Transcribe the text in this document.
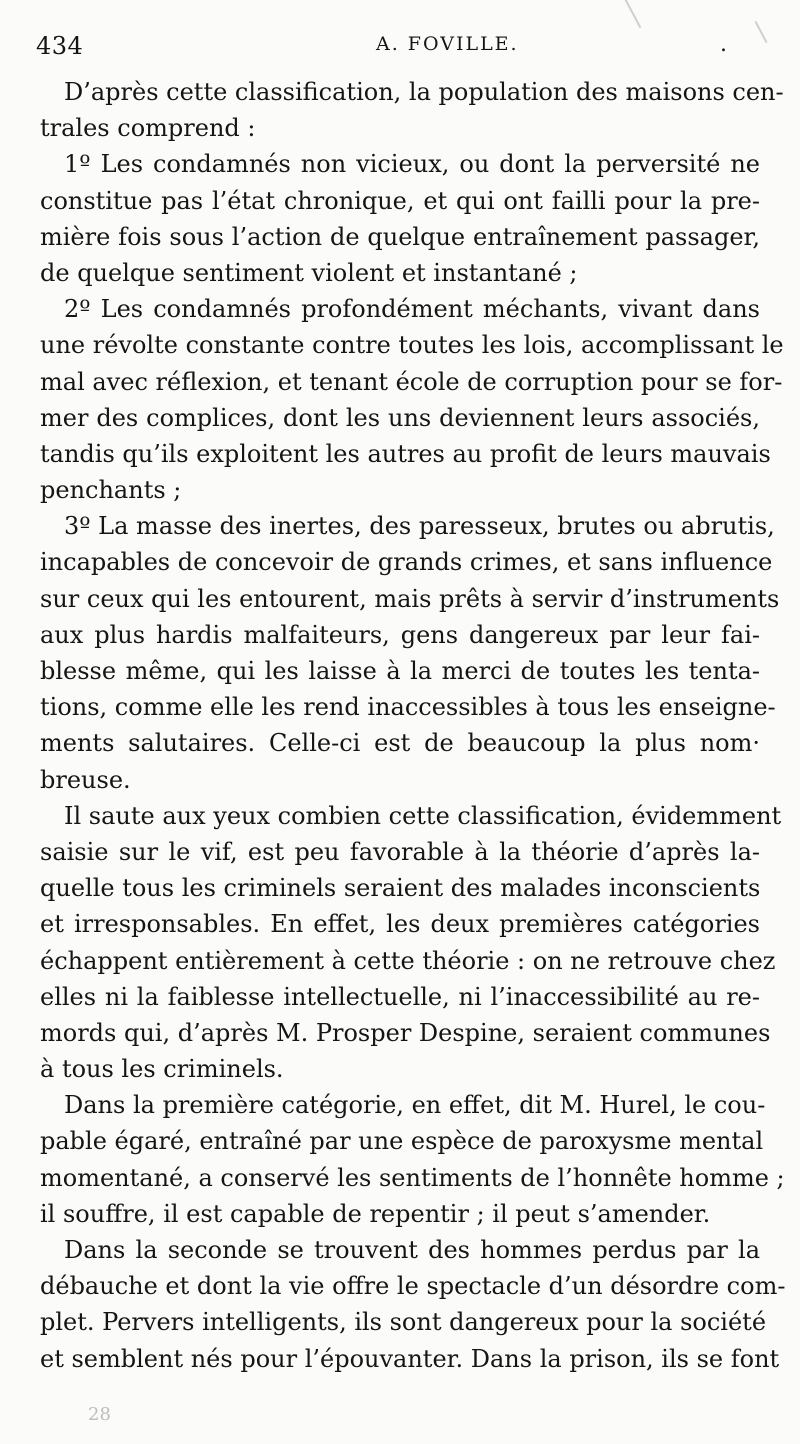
434	A. FOVILLE.	.
D’après cette classification, la population des maisons cen-
trales comprend :
1º Les condamnés non vicieux, ou dont la perversité ne
constitue pas l’état chronique, et qui ont failli pour la pre-
mière fois sous l’action de quelque entraînement passager,
de quelque sentiment violent et instantané ;
2º Les condamnés profondément méchants, vivant dans
une révolte constante contre toutes les lois, accomplissant le
mal avec réflexion, et tenant école de corruption pour se for-
mer des complices, dont les uns deviennent leurs associés,
tandis qu’ils exploitent les autres au profit de leurs mauvais
penchants ;
3º La masse des inertes, des paresseux, brutes ou abrutis,
incapables de concevoir de grands crimes, et sans influence
sur ceux qui les entourent, mais prêts à servir d’instruments
aux plus hardis malfaiteurs, gens dangereux par leur fai-
blesse même, qui les laisse à la merci de toutes les tenta-
tions, comme elle les rend inaccessibles à tous les enseigne-
ments salutaires. Celle-ci est de beaucoup la plus nom·
breuse.
Il saute aux yeux combien cette classification, évidemment
saisie sur le vif, est peu favorable à la théorie d’après la-
quelle tous les criminels seraient des malades inconscients
et irresponsables. En effet, les deux premières catégories
échappent entièrement à cette théorie : on ne retrouve chez
elles ni la faiblesse intellectuelle, ni l’inaccessibilité au re-
mords qui, d’après M. Prosper Despine, seraient communes
à tous les criminels.
Dans la première catégorie, en effet, dit M. Hurel, le cou-
pable égaré, entraîné par une espèce de paroxysme mental
momentané, a conservé les sentiments de l’honnête homme ;
il souffre, il est capable de repentir ; il peut s’amender.
Dans la seconde se trouvent des hommes perdus par la
débauche et dont la vie offre le spectacle d’un désordre com-
plet. Pervers intelligents, ils sont dangereux pour la société
et semblent nés pour l’épouvanter. Dans la prison, ils se font
28
